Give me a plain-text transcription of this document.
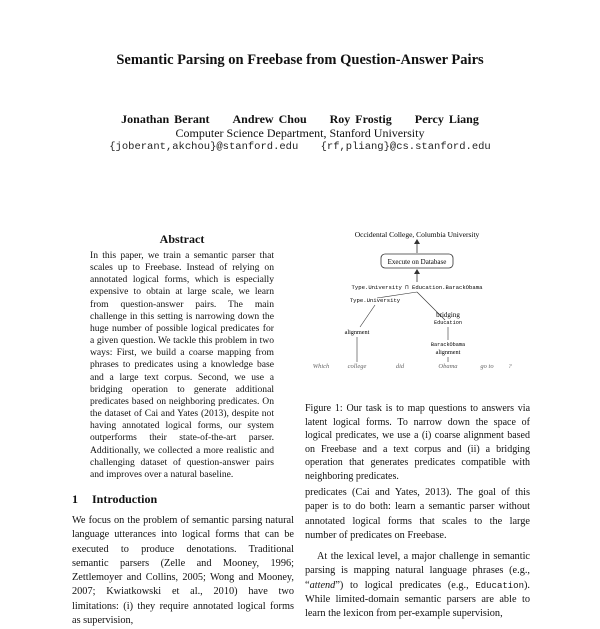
Semantic Parsing on Freebase from Question-Answer Pairs
Jonathan Berant Andrew Chou Roy Frostig Percy Liang
Computer Science Department, Stanford University
{joberant,akchou}@stanford.edu {rf,pliang}@cs.stanford.edu
Abstract
In this paper, we train a semantic parser that scales up to Freebase. Instead of relying on annotated logical forms, which is especially expensive to obtain at large scale, we learn from question-answer pairs. The main challenge in this setting is narrowing down the huge number of possible logical predicates for a given question. We tackle this problem in two ways: First, we build a coarse mapping from phrases to predicates using a knowledge base and a large text corpus. Second, we use a bridging operation to generate additional predicates based on neighboring predicates. On the dataset of Cai and Yates (2013), despite not having annotated logical forms, our system outperforms their state-of-the-art parser. Additionally, we collected a more realistic and challenging dataset of question-answer pairs and improves over a natural baseline.
1 Introduction
We focus on the problem of semantic parsing natural language utterances into logical forms that can be executed to produce denotations. Traditional semantic parsers (Zelle and Mooney, 1996; Zettlemoyer and Collins, 2005; Wong and Mooney, 2007; Kwiatkowski et al., 2010) have two limitations: (i) they require annotated logical forms as supervision,
Occidental College, Columbia University
Execute on Database
Type.University ⊓ Education.BarackObama
Type.University
alignment
bridging
Education
BarackObama
alignment
Which	college	did	Obama	go to ?
Figure 1: Our task is to map questions to answers via latent logical forms. To narrow down the space of logical predicates, we use a (i) coarse alignment based on Freebase and a text corpus and (ii) a bridging operation that generates predicates compatible with neighboring predicates.

predicates (Cai and Yates, 2013). The goal of this paper is to do both: learn a semantic parser without annotated logical forms that scales to the large number of predicates on Freebase.

At the lexical level, a major challenge in semantic parsing is mapping natural language phrases (e.g., “attend”) to logical predicates (e.g., Education). While limited-domain semantic parsers are able to learn the lexicon from per-example supervision,
